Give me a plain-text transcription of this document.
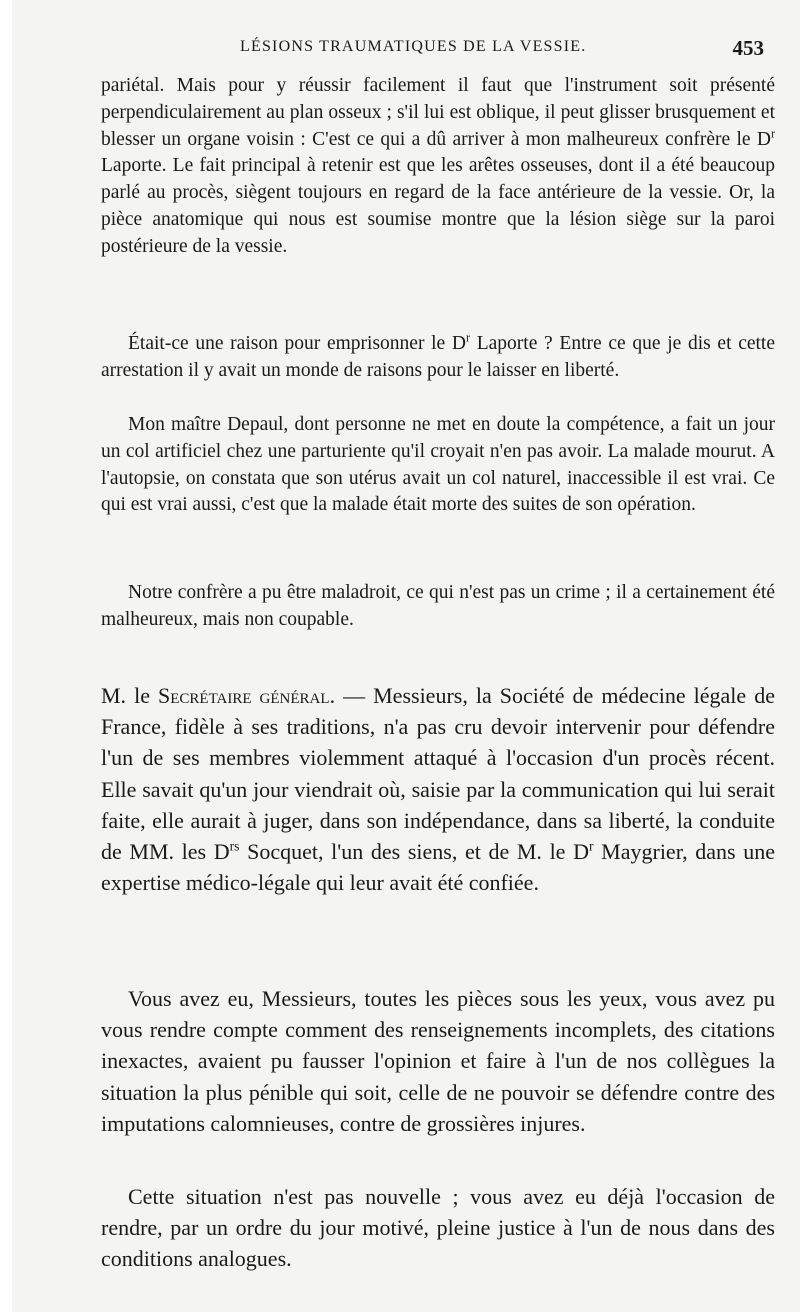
LÉSIONS TRAUMATIQUES DE LA VESSIE.	453

pariétal. Mais pour y réussir facilement il faut que l'instrument soit présenté perpendiculairement au plan osseux ; s'il lui est oblique, il peut glisser brusquement et blesser un organe voisin : C'est ce qui a dû arriver à mon malheureux confrère le $D^r$ Laporte. Le fait principal à retenir est que les arêtes osseuses, dont il a été beaucoup parlé au procès, siègent toujours en regard de la face antérieure de la vessie. Or, la pièce anatomique qui nous est soumise montre que la lésion siège sur la paroi postérieure de la vessie.

Était-ce une raison pour emprisonner le $D^r$ Laporte ? Entre ce que je dis et cette arrestation il y avait un monde de raisons pour le laisser en liberté.

Mon maître Depaul, dont personne ne met en doute la compétence, a fait un jour un col artificiel chez une parturiente qu'il croyait n'en pas avoir. La malade mourut. A l'autopsie, on constata que son utérus avait un col naturel, inaccessible il est vrai. Ce qui est vrai aussi, c'est que la malade était morte des suites de son opération.

Notre confrère a pu être maladroit, ce qui n'est pas un crime ; il a certainement été malheureux, mais non coupable.

M. le Secrétaire général. — Messieurs, la Société de médecine légale de France, fidèle à ses traditions, n'a pas cru devoir intervenir pour défendre l'un de ses membres violemment attaqué à l'occasion d'un procès récent. Elle savait qu'un jour viendrait où, saisie par la communication qui lui serait faite, elle aurait à juger, dans son indépendance, dans sa liberté, la conduite de MM. les $D^{rs}$ Socquet, l'un des siens, et de M. le $D^r$ Maygrier, dans une expertise médico-légale qui leur avait été confiée.

Vous avez eu, Messieurs, toutes les pièces sous les yeux, vous avez pu vous rendre compte comment des renseignements incomplets, des citations inexactes, avaient pu fausser l'opinion et faire à l'un de nos collègues la situation la plus pénible qui soit, celle de ne pouvoir se défendre contre des imputations calomnieuses, contre de grossières injures.

Cette situation n'est pas nouvelle ; vous avez eu déjà l'occasion de rendre, par un ordre du jour motivé, pleine justice à l'un de nous dans des conditions analogues.
